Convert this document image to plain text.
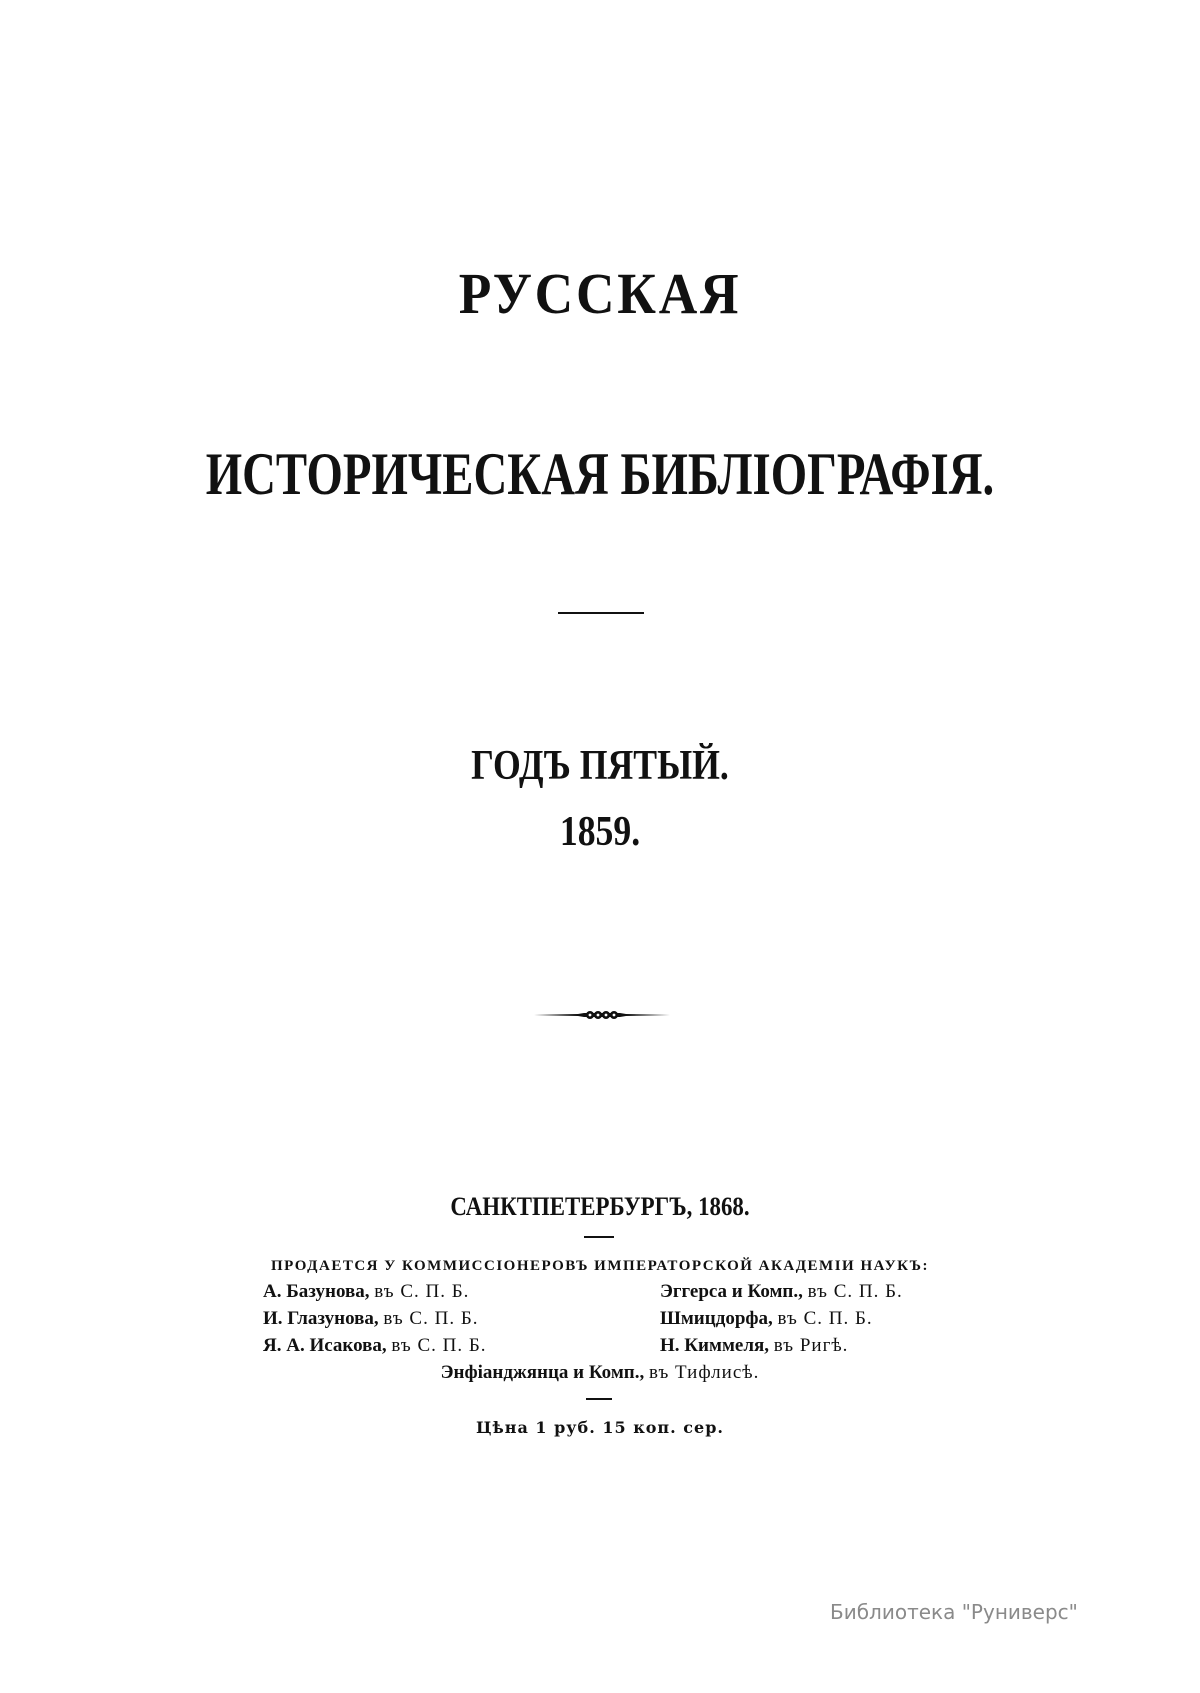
РУССКАЯ
ИСТОРИЧЕСКАЯ БИБЛІОГРАФІЯ.
ГОДЪ ПЯТЫЙ.
1859.
САНКТПЕТЕРБУРГЪ, 1868.
ПРОДАЕТСЯ У КОММИССІОНЕРОВЪ ИМПЕРАТОРСКОЙ АКАДЕМІИ НАУКЪ:
А. Базунова, въ С. П. Б.
И. Глазунова, въ С. П. Б.
Я. А. Исакова, въ С. П. Б.
Эггерса и Комп., въ С. П. Б.
Шмицдорфа, въ С. П. Б.
Н. Киммеля, въ Ригѣ.
Энфіанджянца и Комп., въ Тифлисѣ.
Цѣна 1 руб. 15 коп. сер.
Библиотека "Руниверс"
